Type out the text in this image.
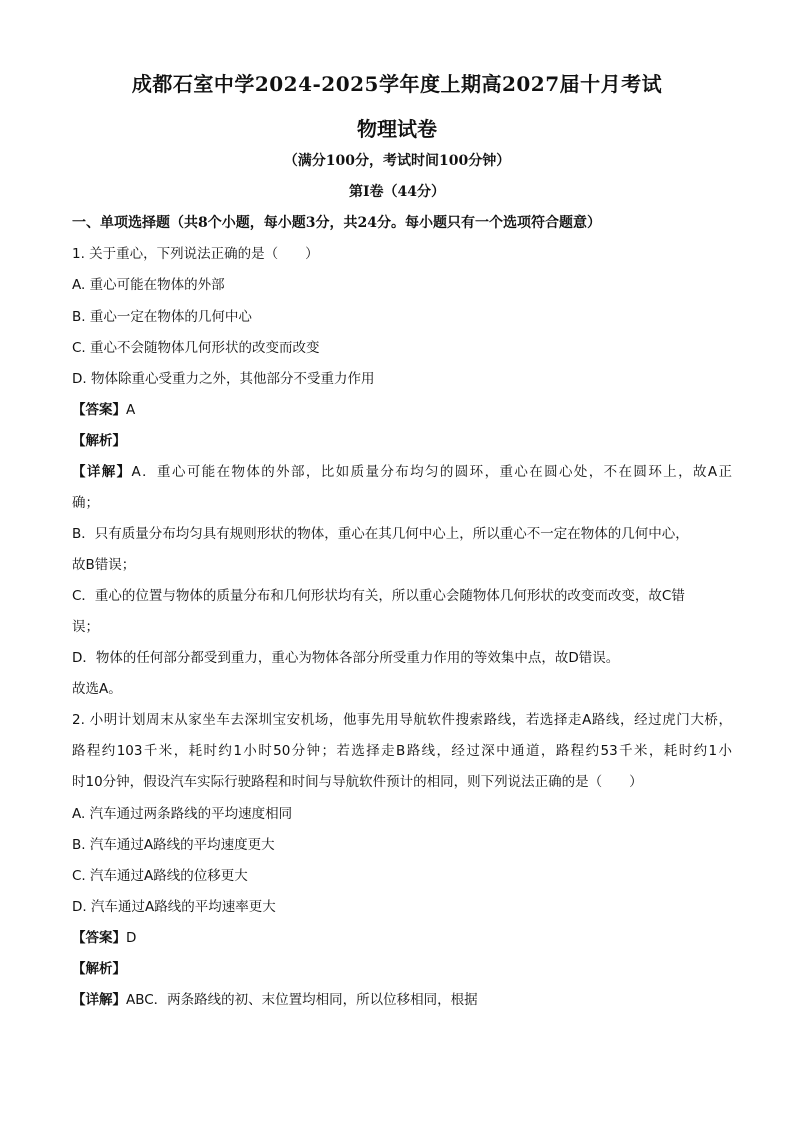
成都石室中学2024-2025学年度上期高2027届十月考试
物理试卷
（满分100分，考试时间100分钟）
第I卷（44分）
一、单项选择题（共8个小题，每小题3分，共24分。每小题只有一个选项符合题意）
1. 关于重心，下列说法正确的是（　　）
A. 重心可能在物体的外部
B. 重心一定在物体的几何中心
C. 重心不会随物体几何形状的改变而改变
D. 物体除重心受重力之外，其他部分不受重力作用
【答案】A
【解析】
【详解】A．重心可能在物体的外部，比如质量分布均匀的圆环，重心在圆心处，不在圆环上，故A正
确；
B．只有质量分布均匀具有规则形状的物体，重心在其几何中心上，所以重心不一定在物体的几何中心，
故B错误；
C．重心的位置与物体的质量分布和几何形状均有关，所以重心会随物体几何形状的改变而改变，故C错
误；
D．物体的任何部分都受到重力，重心为物体各部分所受重力作用的等效集中点，故D错误。
故选A。
2. 小明计划周末从家坐车去深圳宝安机场，他事先用导航软件搜索路线，若选择走A路线，经过虎门大桥，
路程约103千米，耗时约1小时50分钟；若选择走B路线，经过深中通道，路程约53千米，耗时约1小
时10分钟，假设汽车实际行驶路程和时间与导航软件预计的相同，则下列说法正确的是（　　）
A. 汽车通过两条路线的平均速度相同
B. 汽车通过A路线的平均速度更大
C. 汽车通过A路线的位移更大
D. 汽车通过A路线的平均速率更大
【答案】D
【解析】
【详解】ABC．两条路线的初、末位置均相同，所以位移相同，根据
